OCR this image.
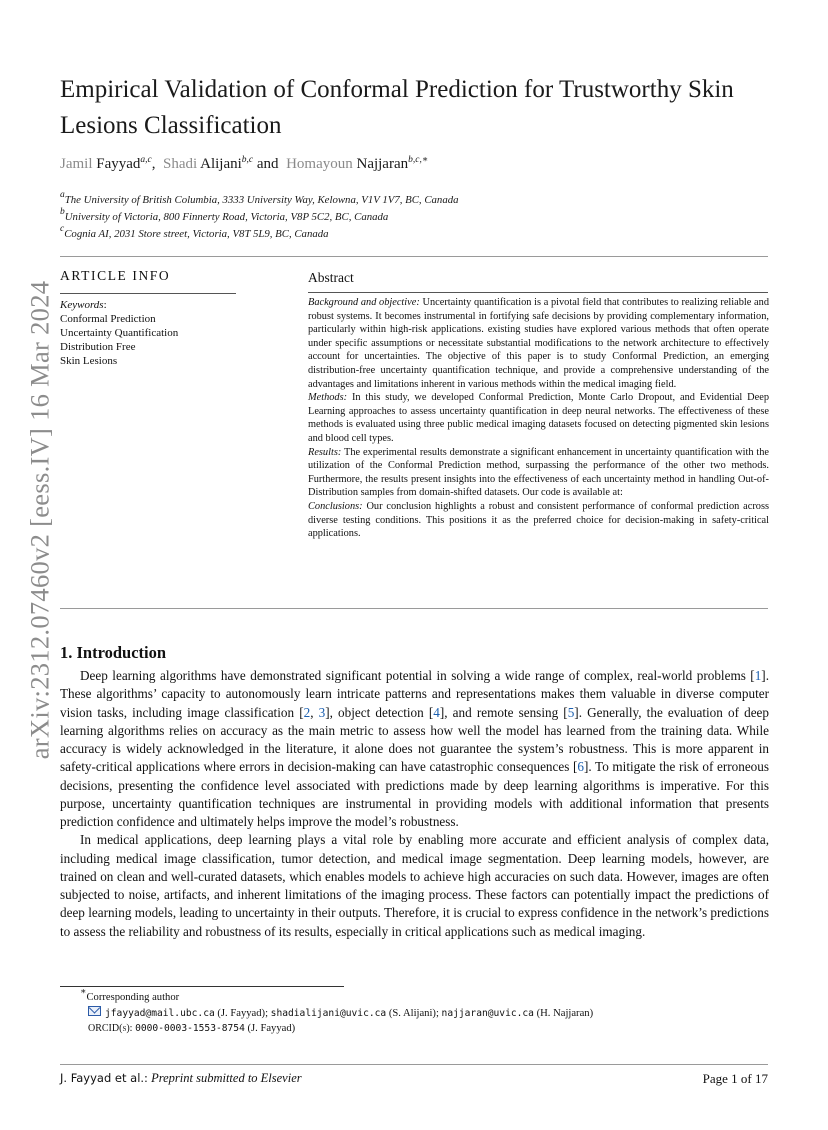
arXiv:2312.07460v2 [eess.IV] 16 Mar 2024
Empirical Validation of Conformal Prediction for Trustworthy Skin Lesions Classification
Jamil Fayyad$^{a,c}$, Shadi Alijani$^{b,c}$ and Homayoun Najjaran$^{b,c,∗}$
$^a$The University of British Columbia, 3333 University Way, Kelowna, V1V 1V7, BC, Canada
$^b$University of Victoria, 800 Finnerty Road, Victoria, V8P 5C2, BC, Canada
$^c$Cognia AI, 2031 Store street, Victoria, V8T 5L9, BC, Canada
ARTICLE INFO
Keywords:
Conformal Prediction
Uncertainty Quantification
Distribution Free
Skin Lesions
Abstract

Background and objective: Uncertainty quantification is a pivotal field that contributes to realizing reliable and robust systems. It becomes instrumental in fortifying safe decisions by providing complementary information, particularly within high-risk applications. existing studies have explored various methods that often operate under specific assumptions or necessitate substantial modifications to the network architecture to effectively account for uncertainties. The objective of this paper is to study Conformal Prediction, an emerging distribution-free uncertainty quantification technique, and provide a comprehensive understanding of the advantages and limitations inherent in various methods within the medical imaging field.

Methods: In this study, we developed Conformal Prediction, Monte Carlo Dropout, and Evidential Deep Learning approaches to assess uncertainty quantification in deep neural networks. The effectiveness of these methods is evaluated using three public medical imaging datasets focused on detecting pigmented skin lesions and blood cell types.

Results: The experimental results demonstrate a significant enhancement in uncertainty quantification with the utilization of the Conformal Prediction method, surpassing the performance of the other two methods. Furthermore, the results present insights into the effectiveness of each uncertainty method in handling Out-of-Distribution samples from domain-shifted datasets. Our code is available at:

Conclusions: Our conclusion highlights a robust and consistent performance of conformal prediction across diverse testing conditions. This positions it as the preferred choice for decision-making in safety-critical applications.

1. Introduction

Deep learning algorithms have demonstrated significant potential in solving a wide range of complex, real-world problems [1]. These algorithms’ capacity to autonomously learn intricate patterns and representations makes them valuable in diverse computer vision tasks, including image classification [2, 3], object detection [4], and remote sensing [5]. Generally, the evaluation of deep learning algorithms relies on accuracy as the main metric to assess how well the model has learned from the training data. While accuracy is widely acknowledged in the literature, it alone does not guarantee the system’s robustness. This is more apparent in safety-critical applications where errors in decision-making can have catastrophic consequences [6]. To mitigate the risk of erroneous decisions, presenting the confidence level associated with predictions made by deep learning algorithms is imperative. For this purpose, uncertainty quantification techniques are instrumental in providing models with additional information that presents prediction confidence and ultimately helps improve the model’s robustness.

In medical applications, deep learning plays a vital role by enabling more accurate and efficient analysis of complex data, including medical image classification, tumor detection, and medical image segmentation. Deep learning models, however, are trained on clean and well-curated datasets, which enables models to achieve high accuracies on such data. However, images are often subjected to noise, artifacts, and inherent limitations of the imaging process. These factors can potentially impact the predictions of deep learning models, leading to uncertainty in their outputs. Therefore, it is crucial to express confidence in the network’s predictions to assess the reliability and robustness of its results, especially in critical applications such as medical imaging.

∗Corresponding author
jfayyad@mail.ubc.ca (J. Fayyad); shadialijani@uvic.ca (S. Alijani); najjaran@uvic.ca (H. Najjaran)
ORCID(s): 0000-0003-1553-8754 (J. Fayyad)
J. Fayyad et al.: Preprint submitted to Elsevier	Page 1 of 17
